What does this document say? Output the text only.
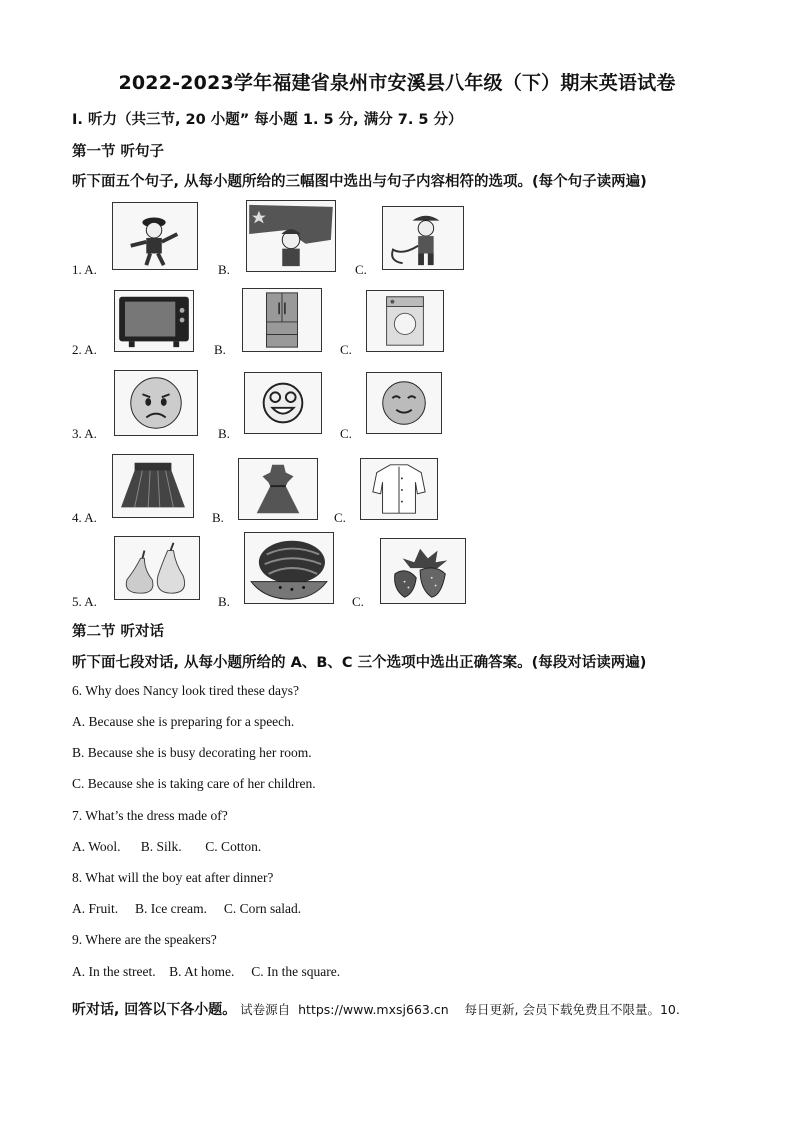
2022-2023学年福建省泉州市安溪县八年级（下）期末英语试卷
Ⅰ. 听力（共三节, 20 小题” 每小题 1. 5 分, 满分 7. 5 分）
第一节 听句子
听下面五个句子, 从每小题所给的三幅图中选出与句子内容相符的选项。(每个句子读两遍)
1. A.	B.	C.
2. A.	B.	C.
3. A.	B.	C.
4. A.	B.	C.
5. A.	B.	C.
第二节 听对话
听下面七段对话, 从每小题所给的 A、B、C 三个选项中选出正确答案。(每段对话读两遍)
6. Why does Nancy look tired these days?
A. Because she is preparing for a speech.
B. Because she is busy decorating her room.
C. Because she is taking care of her children.
7. What’s the dress made of?
A. Wool.      B. Silk.       C. Cotton.
8. What will the boy eat after dinner?
A. Fruit.     B. Ice cream.     C. Corn salad.
9. Where are the speakers?
A. In the street.    B. At home.     C. In the square.
听对话, 回答以下各小题。 试卷源自  https://www.mxsj663.cn    每日更新, 会员下载免费且不限量。10.
